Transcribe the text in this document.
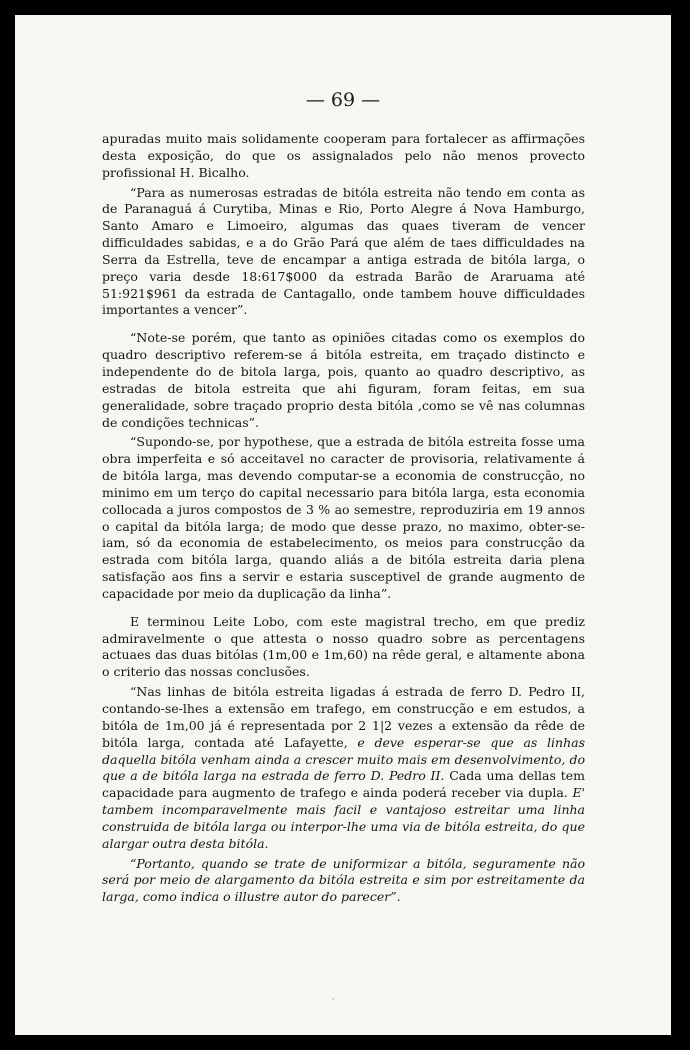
— 69 —

apuradas muito mais solidamente cooperam para fortalecer as affirmações desta exposição, do que os assignalados pelo não menos provecto profissional H. Bicalho.

“Para as numerosas estradas de bitóla estreita não tendo em conta as de Paranaguá á Curytiba, Minas e Rio, Porto Alegre á Nova Hamburgo, Santo Amaro e Limoeiro, algumas das quaes tiveram de vencer difficuldades sabidas, e a do Grão Pará que além de taes difficuldades na Serra da Estrella, teve de encampar a antiga estrada de bitóla larga, o preço varia desde 18:617$000 da estrada Barão de Araruama até 51:921$961 da estrada de Cantagallo, onde tambem houve difficuldades importantes a vencer”.

“Note-se porém, que tanto as opiniões citadas como os exemplos do quadro descriptivo referem-se á bitóla estreita, em traçado distincto e independente do de bitola larga, pois, quanto ao quadro descriptivo, as estradas de bitola estreita que ahi figuram, foram feitas, em sua generalidade, sobre traçado proprio desta bitóla ,como se vê nas columnas de condições technicas”.

“Supondo-se, por hypothese, que a estrada de bitóla estreita fosse uma obra imperfeita e só acceitavel no caracter de provisoria, relativamente á de bitóla larga, mas devendo computar-se a economia de construcção, no minimo em um terço do capital necessario para bitóla larga, esta economia collocada a juros compostos de 3 % ao semestre, reproduziria em 19 annos o capital da bitóla larga; de modo que desse prazo, no maximo, obter-se-iam, só da economia de estabelecimento, os meios para construcção da estrada com bitóla larga, quando aliás a de bitóla estreita daria plena satisfação aos fins a servir e estaria susceptivel de grande augmento de capacidade por meio da duplicação da linha”.

E terminou Leite Lobo, com este magistral trecho, em que prediz admiravelmente o que attesta o nosso quadro sobre as percentagens actuaes das duas bitólas (1m,00 e 1m,60) na rêde geral, e altamente abona o criterio das nossas conclusões.

“Nas linhas de bitóla estreita ligadas á estrada de ferro D. Pedro II, contando-se-lhes a extensão em trafego, em construcção e em estudos, a bitóla de 1m,00 já é representada por 2 1|2 vezes a extensão da rêde de bitóla larga, contada até Lafayette, e deve esperar-se que as linhas daquella bitóla venham ainda a crescer muito mais em desenvolvimento, do que a de bitóla larga na estrada de ferro D. Pedro II. Cada uma dellas tem capacidade para augmento de trafego e ainda poderá receber via dupla. E' tambem incomparavelmente mais facil e vantajoso estreitar uma linha construida de bitóla larga ou interpor-lhe uma via de bitóla estreita, do que alargar outra desta bitóla.

“Portanto, quando se trate de uniformizar a bitóla, seguramente não será por meio de alargamento da bitóla estreita e sim por estreitamente da larga, como indica o illustre autor do parecer”.

·
